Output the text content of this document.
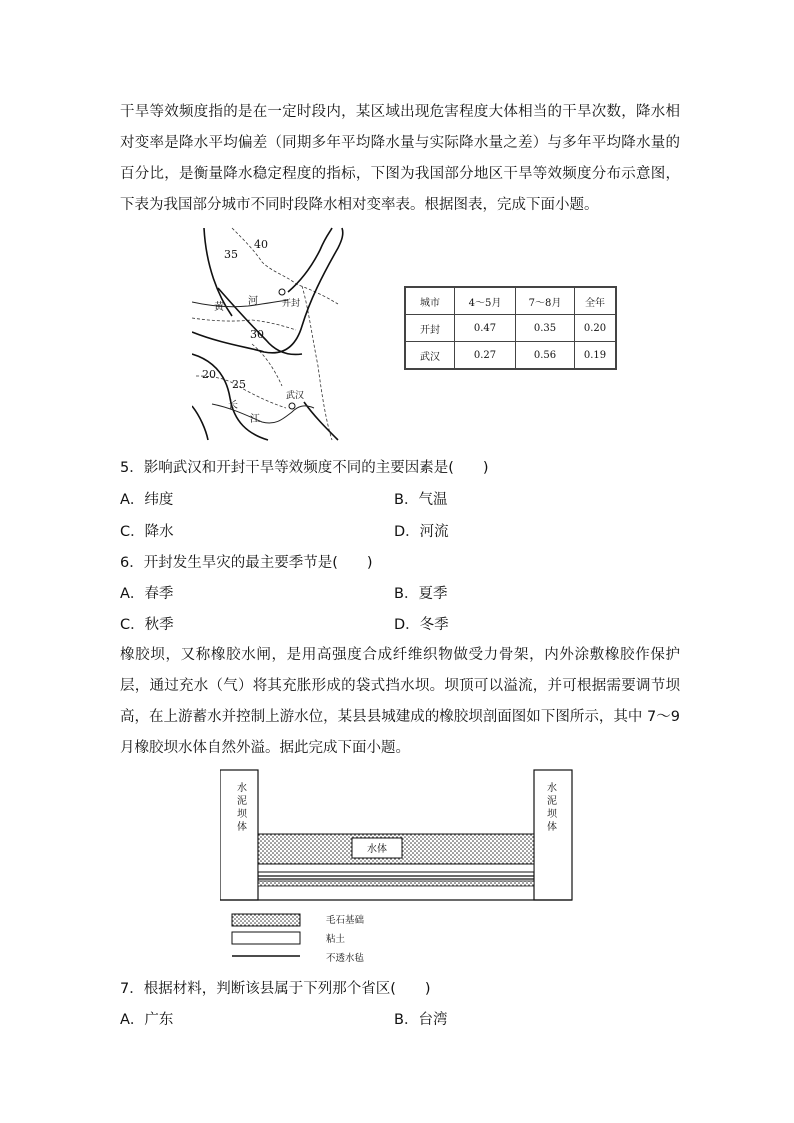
干旱等效频度指的是在一定时段内，某区域出现危害程度大体相当的干旱次数，降水相对变率是降水平均偏差（同期多年平均降水量与实际降水量之差）与多年平均降水量的百分比，是衡量降水稳定程度的指标，下图为我国部分地区干旱等效频度分布示意图，下表为我国部分城市不同时段降水相对变率表。根据图表，完成下面小题。

35
40
30
25
20
黄
河	开封
长
江
武汉
城市	4～5月	7～8月	全年
开封	0.47	0.35	0.20
武汉	0.27	0.56	0.19

5．影响武汉和开封干旱等效频度不同的主要因素是(　　)

A．纬度	B．气温

C．降水	D．河流

6．开封发生旱灾的最主要季节是(　　)

A．春季	B．夏季

C．秋季	D．冬季

橡胶坝，又称橡胶水闸，是用高强度合成纤维织物做受力骨架，内外涂敷橡胶作保护层，通过充水（气）将其充胀形成的袋式挡水坝。坝顶可以溢流，并可根据需要调节坝高，在上游蓄水并控制上游水位，某县县城建成的橡胶坝剖面图如下图所示，其中 7～9 月橡胶坝水体自然外溢。据此完成下面小题。

水泥坝体
水泥坝体
水体
毛石基础
粘土
不透水毡

7．根据材料，判断该县属于下列那个省区(　　)

A．广东	B．台湾
